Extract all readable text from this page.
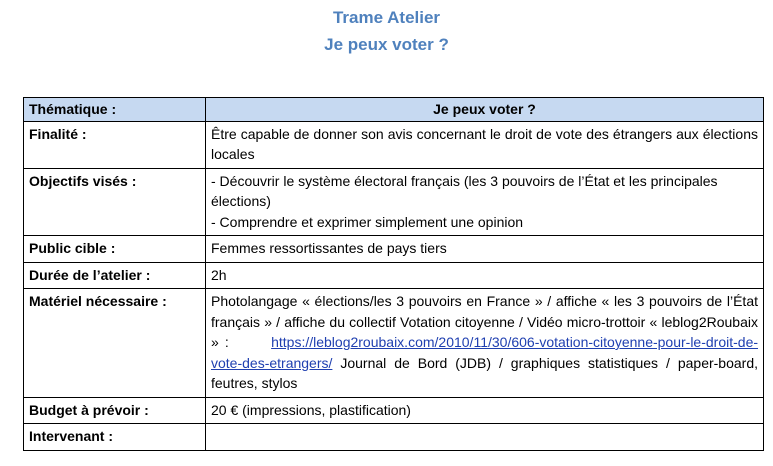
Trame Atelier
Je peux voter ?
Thématique :	Je peux voter ?
Finalité :	Être capable de donner son avis concernant le droit de vote des étrangers aux élections locales
Objectifs visés :	- Découvrir le système électoral français (les 3 pouvoirs de l’État et les principales élections)
- Comprendre et exprimer simplement une opinion

Public cible :	Femmes ressortissantes de pays tiers
Durée de l’atelier :	2h
Matériel nécessaire :	Photolangage « élections/les 3 pouvoirs en France » / affiche « les 3 pouvoirs de l’État français » / affiche du collectif Votation citoyenne / Vidéo micro-trottoir « leblog2Roubaix » : https://leblog2roubaix.com/2010/11/30/606-votation-citoyenne-pour-le-droit-de-vote-des-etrangers/ Journal de Bord (JDB) / graphiques statistiques / paper-board, feutres, stylos
Budget à prévoir :	20 € (impressions, plastification)
Intervenant :	
